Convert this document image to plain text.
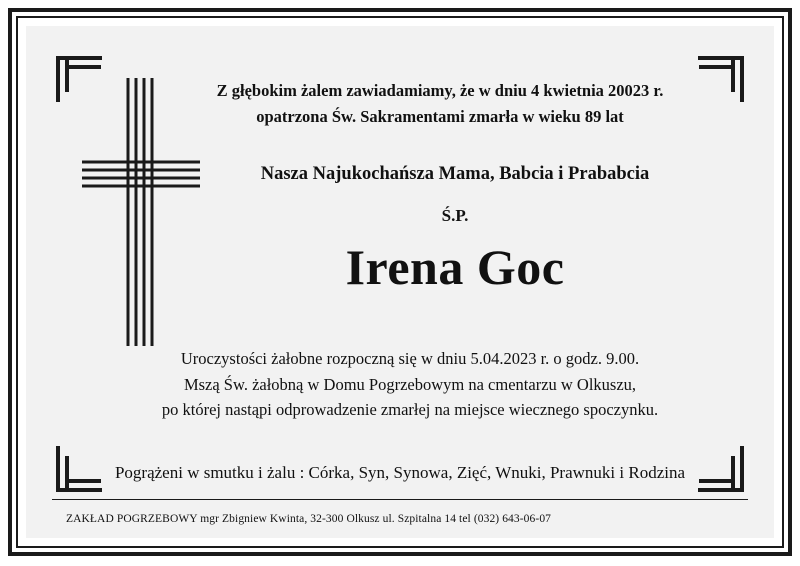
Z głębokim żalem zawiadamiamy, że w dniu 4 kwietnia 20023 r.
opatrzona Św. Sakramentami zmarła w wieku 89 lat
Nasza Najukochańsza Mama, Babcia i Prababcia
Ś.P.
Irena Goc
Uroczystości żałobne rozpoczną się w dniu 5.04.2023 r. o godz. 9.00.
Mszą Św. żałobną w Domu Pogrzebowym na cmentarzu w Olkuszu,
po której nastąpi odprowadzenie zmarłej na miejsce wiecznego spoczynku.
Pogrążeni w smutku i żalu : Córka, Syn, Synowa, Zięć, Wnuki, Prawnuki i Rodzina
ZAKŁAD POGRZEBOWY mgr Zbigniew Kwinta, 32-300 Olkusz ul. Szpitalna 14 tel (032) 643-06-07
